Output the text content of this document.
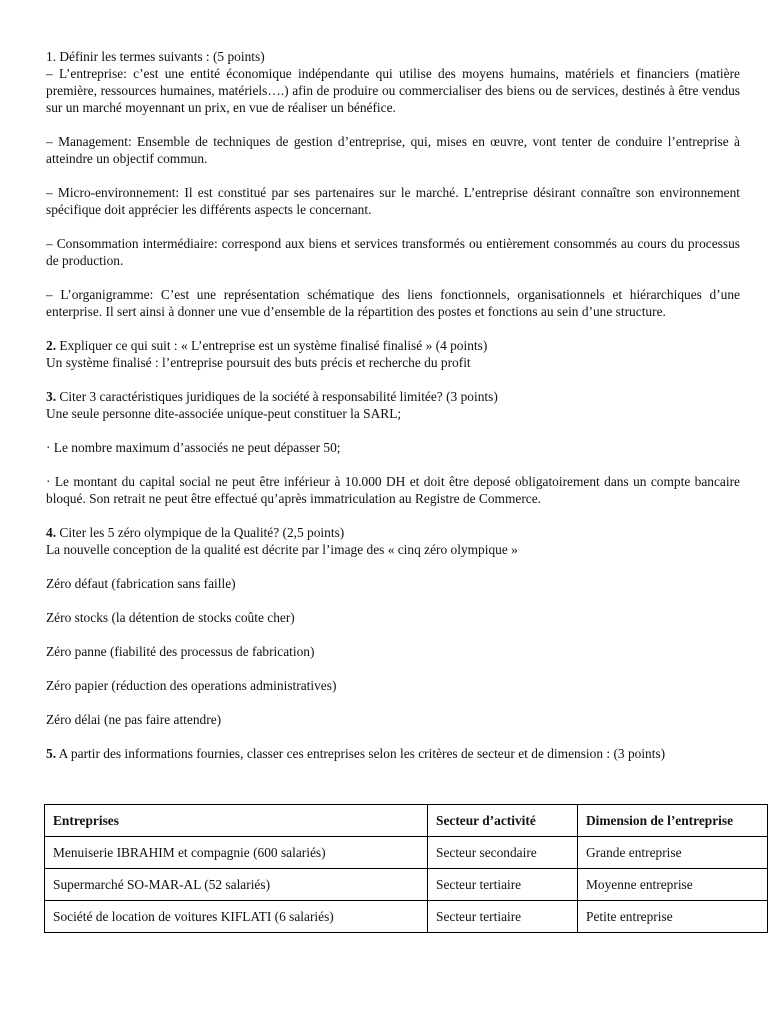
1. Définir les termes suivants : (5 points)

– L’entreprise: c’est une entité économique indépendante qui utilise des moyens humains, matériels et financiers (matière première, ressources humaines, matériels….) afin de produire ou commercialiser des biens ou de services, destinés à être vendus sur un marché moyennant un prix, en vue de réaliser un bénéfice.

– Management: Ensemble de techniques de gestion d’entreprise, qui, mises en œuvre, vont tenter de conduire l’entreprise à atteindre un objectif commun.

– Micro-environnement: Il est constitué par ses partenaires sur le marché. L’entreprise désirant connaître son environnement spécifique doit apprécier les différents aspects le concernant.

– Consommation intermédiaire: correspond aux biens et services transformés ou entièrement consommés au cours du processus de production.

– L’organigramme: C’est une représentation schématique des liens fonctionnels, organisationnels et hiérarchiques d’une enterprise. Il sert ainsi à donner une vue d’ensemble de la répartition des postes et fonctions au sein d’une structure.

2. Expliquer ce qui suit : « L’entreprise est un système finalisé finalisé » (4 points)

Un système finalisé : l’entreprise poursuit des buts précis et recherche du profit

3. Citer 3 caractéristiques juridiques de la société à responsabilité limitée? (3 points)

Une seule personne dite-associée unique-peut constituer la SARL;

· Le nombre maximum d’associés ne peut dépasser 50;

· Le montant du capital social ne peut être inférieur à 10.000 DH et doit être deposé obligatoirement dans un compte bancaire bloqué. Son retrait ne peut être effectué qu’après immatriculation au Registre de Commerce.

4. Citer les 5 zéro olympique de la Qualité? (2,5 points)

La nouvelle conception de la qualité est décrite par l’image des « cinq zéro olympique »

Zéro défaut (fabrication sans faille)

Zéro stocks (la détention de stocks coûte cher)

Zéro panne (fiabilité des processus de fabrication)

Zéro papier (réduction des operations administratives)

Zéro délai (ne pas faire attendre)

5. A partir des informations fournies, classer ces entreprises selon les critères de secteur et de dimension : (3 points)

Entreprises	Secteur d’activité	Dimension de l’entreprise
Menuiserie IBRAHIM et compagnie (600 salariés)	Secteur secondaire	Grande entreprise
Supermarché SO-MAR-AL (52 salariés)	Secteur tertiaire	Moyenne entreprise
Société de location de voitures KIFLATI (6 salariés)	Secteur tertiaire	Petite entreprise
